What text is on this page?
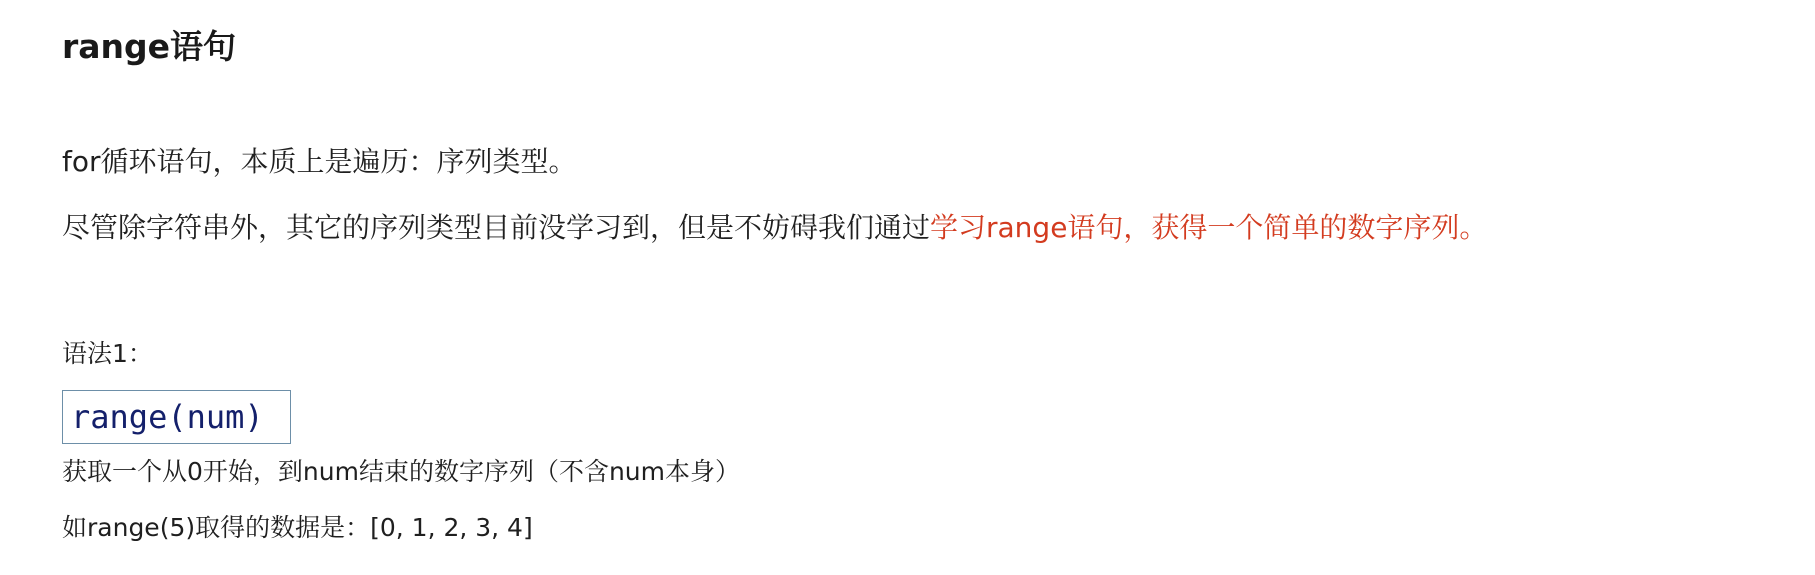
range语句
for循环语句，本质上是遍历：序列类型。
尽管除字符串外，其它的序列类型目前没学习到，但是不妨碍我们通过学习range语句，获得一个简单的数字序列。
语法1：
range(num)
获取一个从0开始，到num结束的数字序列（不含num本身）
如range(5)取得的数据是：[0, 1, 2, 3, 4]
